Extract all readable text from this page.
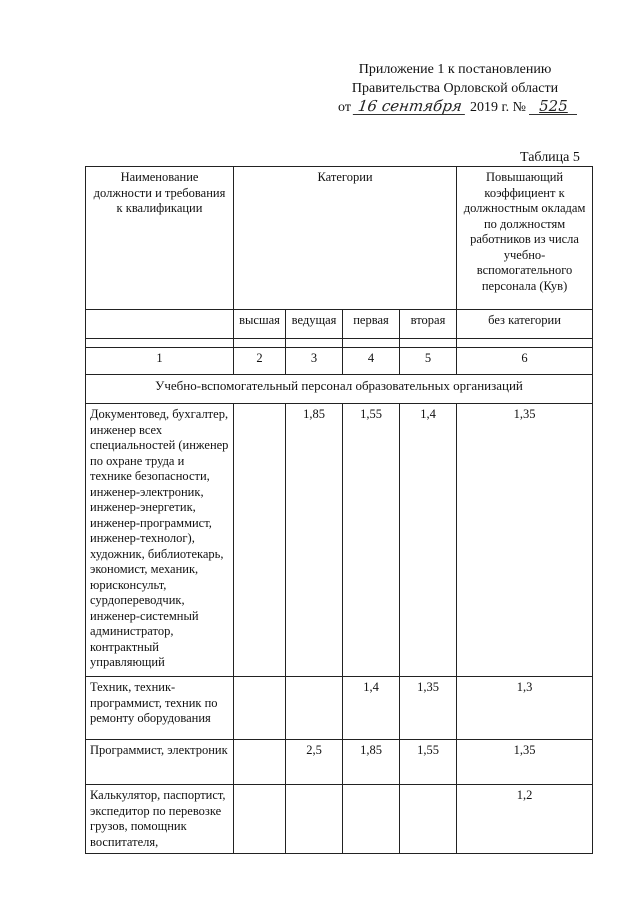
Приложение 1 к постановлению
Правительства Орловской области
от 16 сентября 2019 г. № 525
Таблица 5
Наименование должности и требования к квалификации	Категории				Повышающий коэффициент к должностным окладам по должностям работников из числа учебно-вспомогательного персонала (Кув)
	высшая	ведущая	первая	вторая	без категории

1	2	3	4	5	6
Учебно-вспомогательный персонал образовательных организаций					
Документовед, бухгалтер, инженер всех специальностей (инженер по охране труда и технике безопасности, инженер-электроник, инженер-энергетик, инженер-программист, инженер-технолог), художник, библиотекарь, экономист, механик, юрисконсульт, сурдопереводчик, инженер-системный администратор, контрактный управляющий		1,85	1,55	1,4	1,35
Техник, техник-программист, техник по ремонту оборудования			1,4	1,35	1,3
Программист, электроник		2,5	1,85	1,55	1,35
Калькулятор, паспортист, экспедитор по перевозке грузов, помощник воспитателя,					1,2
